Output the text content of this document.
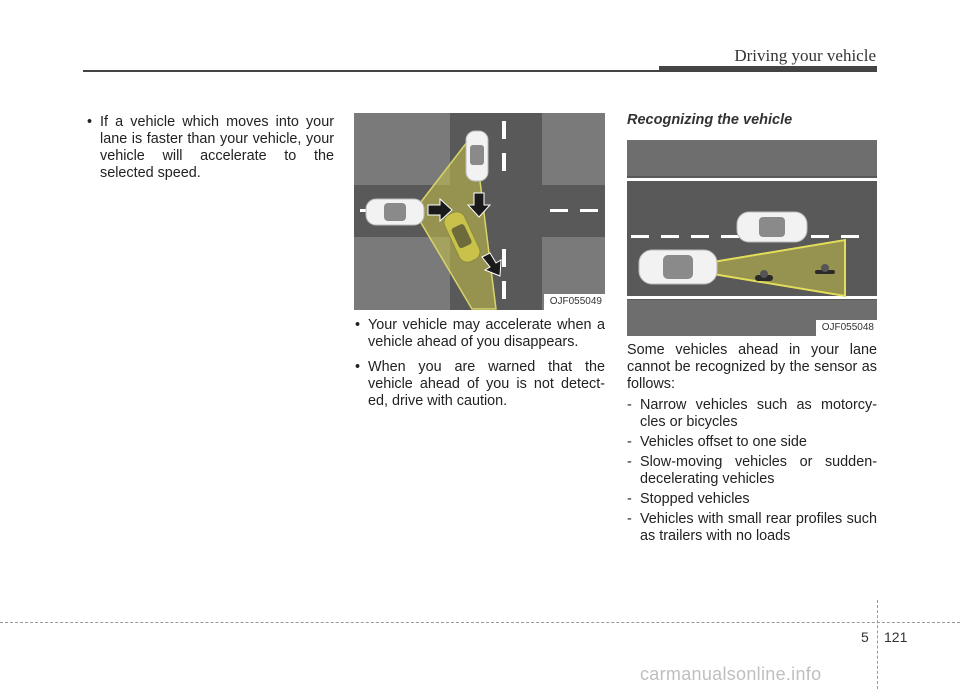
Driving your vehicle

• If a vehicle which moves into your lane is faster than your vehicle, your vehicle will accelerate to the selected speed.

OJF055049

• Your vehicle may accelerate when a vehicle ahead of you disappears.

• When you are warned that the vehicle ahead of you is not detect-ed, drive with caution.

Recognizing the vehicle
OJF055048

Some vehicles ahead in your lane cannot be recognized by the sensor as follows:

- Narrow vehicles such as motorcy-cles or bicycles

- Vehicles offset to one side

- Slow-moving vehicles or sudden-decelerating vehicles

- Stopped vehicles

- Vehicles with small rear profiles such as trailers with no loads

5 121
carmanualsonline.info
